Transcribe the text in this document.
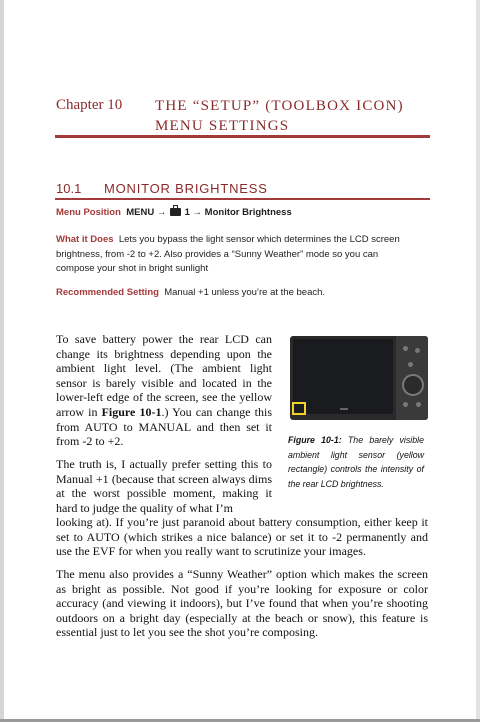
Chapter 10 THE “SETUP” (TOOLBOX ICON)
MENU SETTINGS
10.1 MONITOR BRIGHTNESS
Menu Position MENU → 1 → Monitor Brightness
What it Does Lets you bypass the light sensor which determines the LCD screen brightness, from -2 to +2. Also provides a “Sunny Weather” mode so you can compose your shot in bright sunlight
Recommended Setting Manual +1 unless you’re at the beach.
To save battery power the rear LCD can change its brightness depending upon the ambient light level. (The ambient light sensor is barely visible and located in the lower-left edge of the screen, see the yellow arrow in Figure 10-1.) You can change this from AUTO to MANUAL and then set it from -2 to +2.	Figure 10-1: The barely visible ambient light sensor (yellow rectangle) controls the intensity of the rear LCD brightness.
The truth is, I actually prefer setting this to Manual +1 (because that screen always dims at the worst possible moment, making it hard to judge the quality of what I’m
looking at). If you’re just paranoid about battery consumption, either keep it set to AUTO (which strikes a nice balance) or set it to -2 permanently and use the EVF for when you really want to scrutinize your images.
The menu also provides a “Sunny Weather” option which makes the screen as bright as possible. Not good if you’re looking for exposure or color accuracy (and viewing it indoors), but I’ve found that when you’re shooting outdoors on a bright day (especially at the beach or snow), this feature is essential just to let you see the shot you’re composing.
